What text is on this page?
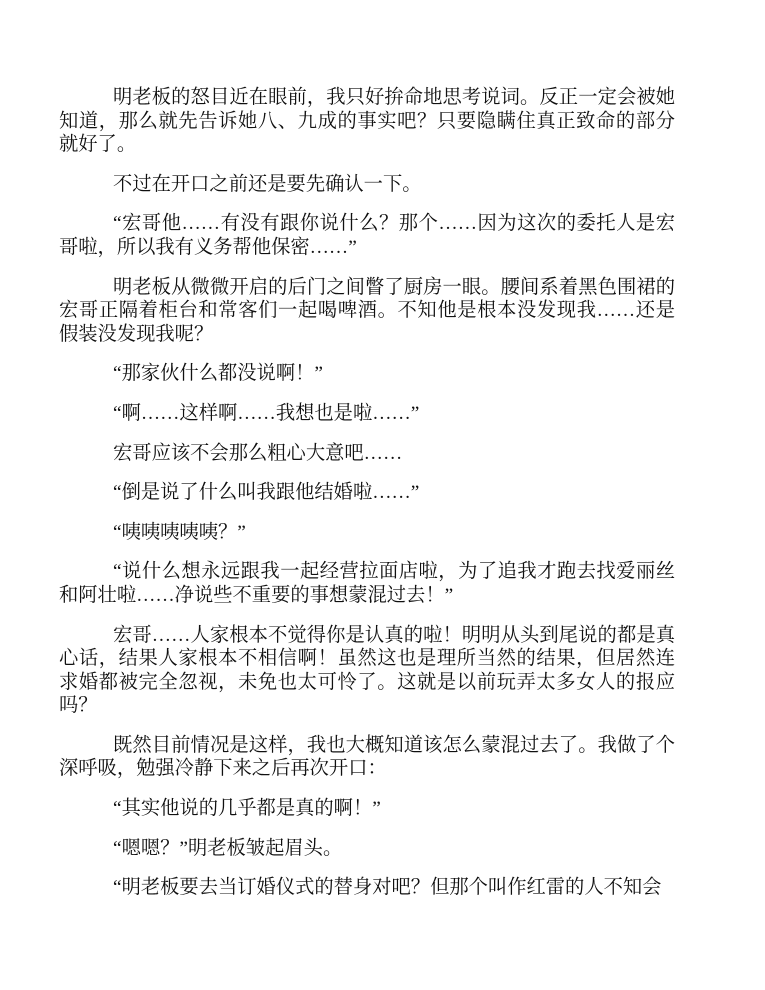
明老板的怒目近在眼前，我只好拚命地思考说词。反正一定会被她知道，那么就先告诉她八、九成的事实吧？只要隐瞒住真正致命的部分就好了。

不过在开口之前还是要先确认一下。

“宏哥他……有没有跟你说什么？那个……因为这次的委托人是宏哥啦，所以我有义务帮他保密……”

明老板从微微开启的后门之间瞥了厨房一眼。腰间系着黑色围裙的宏哥正隔着柜台和常客们一起喝啤酒。不知他是根本没发现我……还是假装没发现我呢？

“那家伙什么都没说啊！”

“啊……这样啊……我想也是啦……”

宏哥应该不会那么粗心大意吧……

“倒是说了什么叫我跟他结婚啦……”

“咦咦咦咦咦？”

“说什么想永远跟我一起经营拉面店啦，为了追我才跑去找爱丽丝和阿壮啦……净说些不重要的事想蒙混过去！”

宏哥……人家根本不觉得你是认真的啦！明明从头到尾说的都是真心话，结果人家根本不相信啊！虽然这也是理所当然的结果，但居然连求婚都被完全忽视，未免也太可怜了。这就是以前玩弄太多女人的报应吗？

既然目前情况是这样，我也大概知道该怎么蒙混过去了。我做了个深呼吸，勉强冷静下来之后再次开口：

“其实他说的几乎都是真的啊！”

“嗯嗯？”明老板皱起眉头。

“明老板要去当订婚仪式的替身对吧？但那个叫作红雷的人不知会
